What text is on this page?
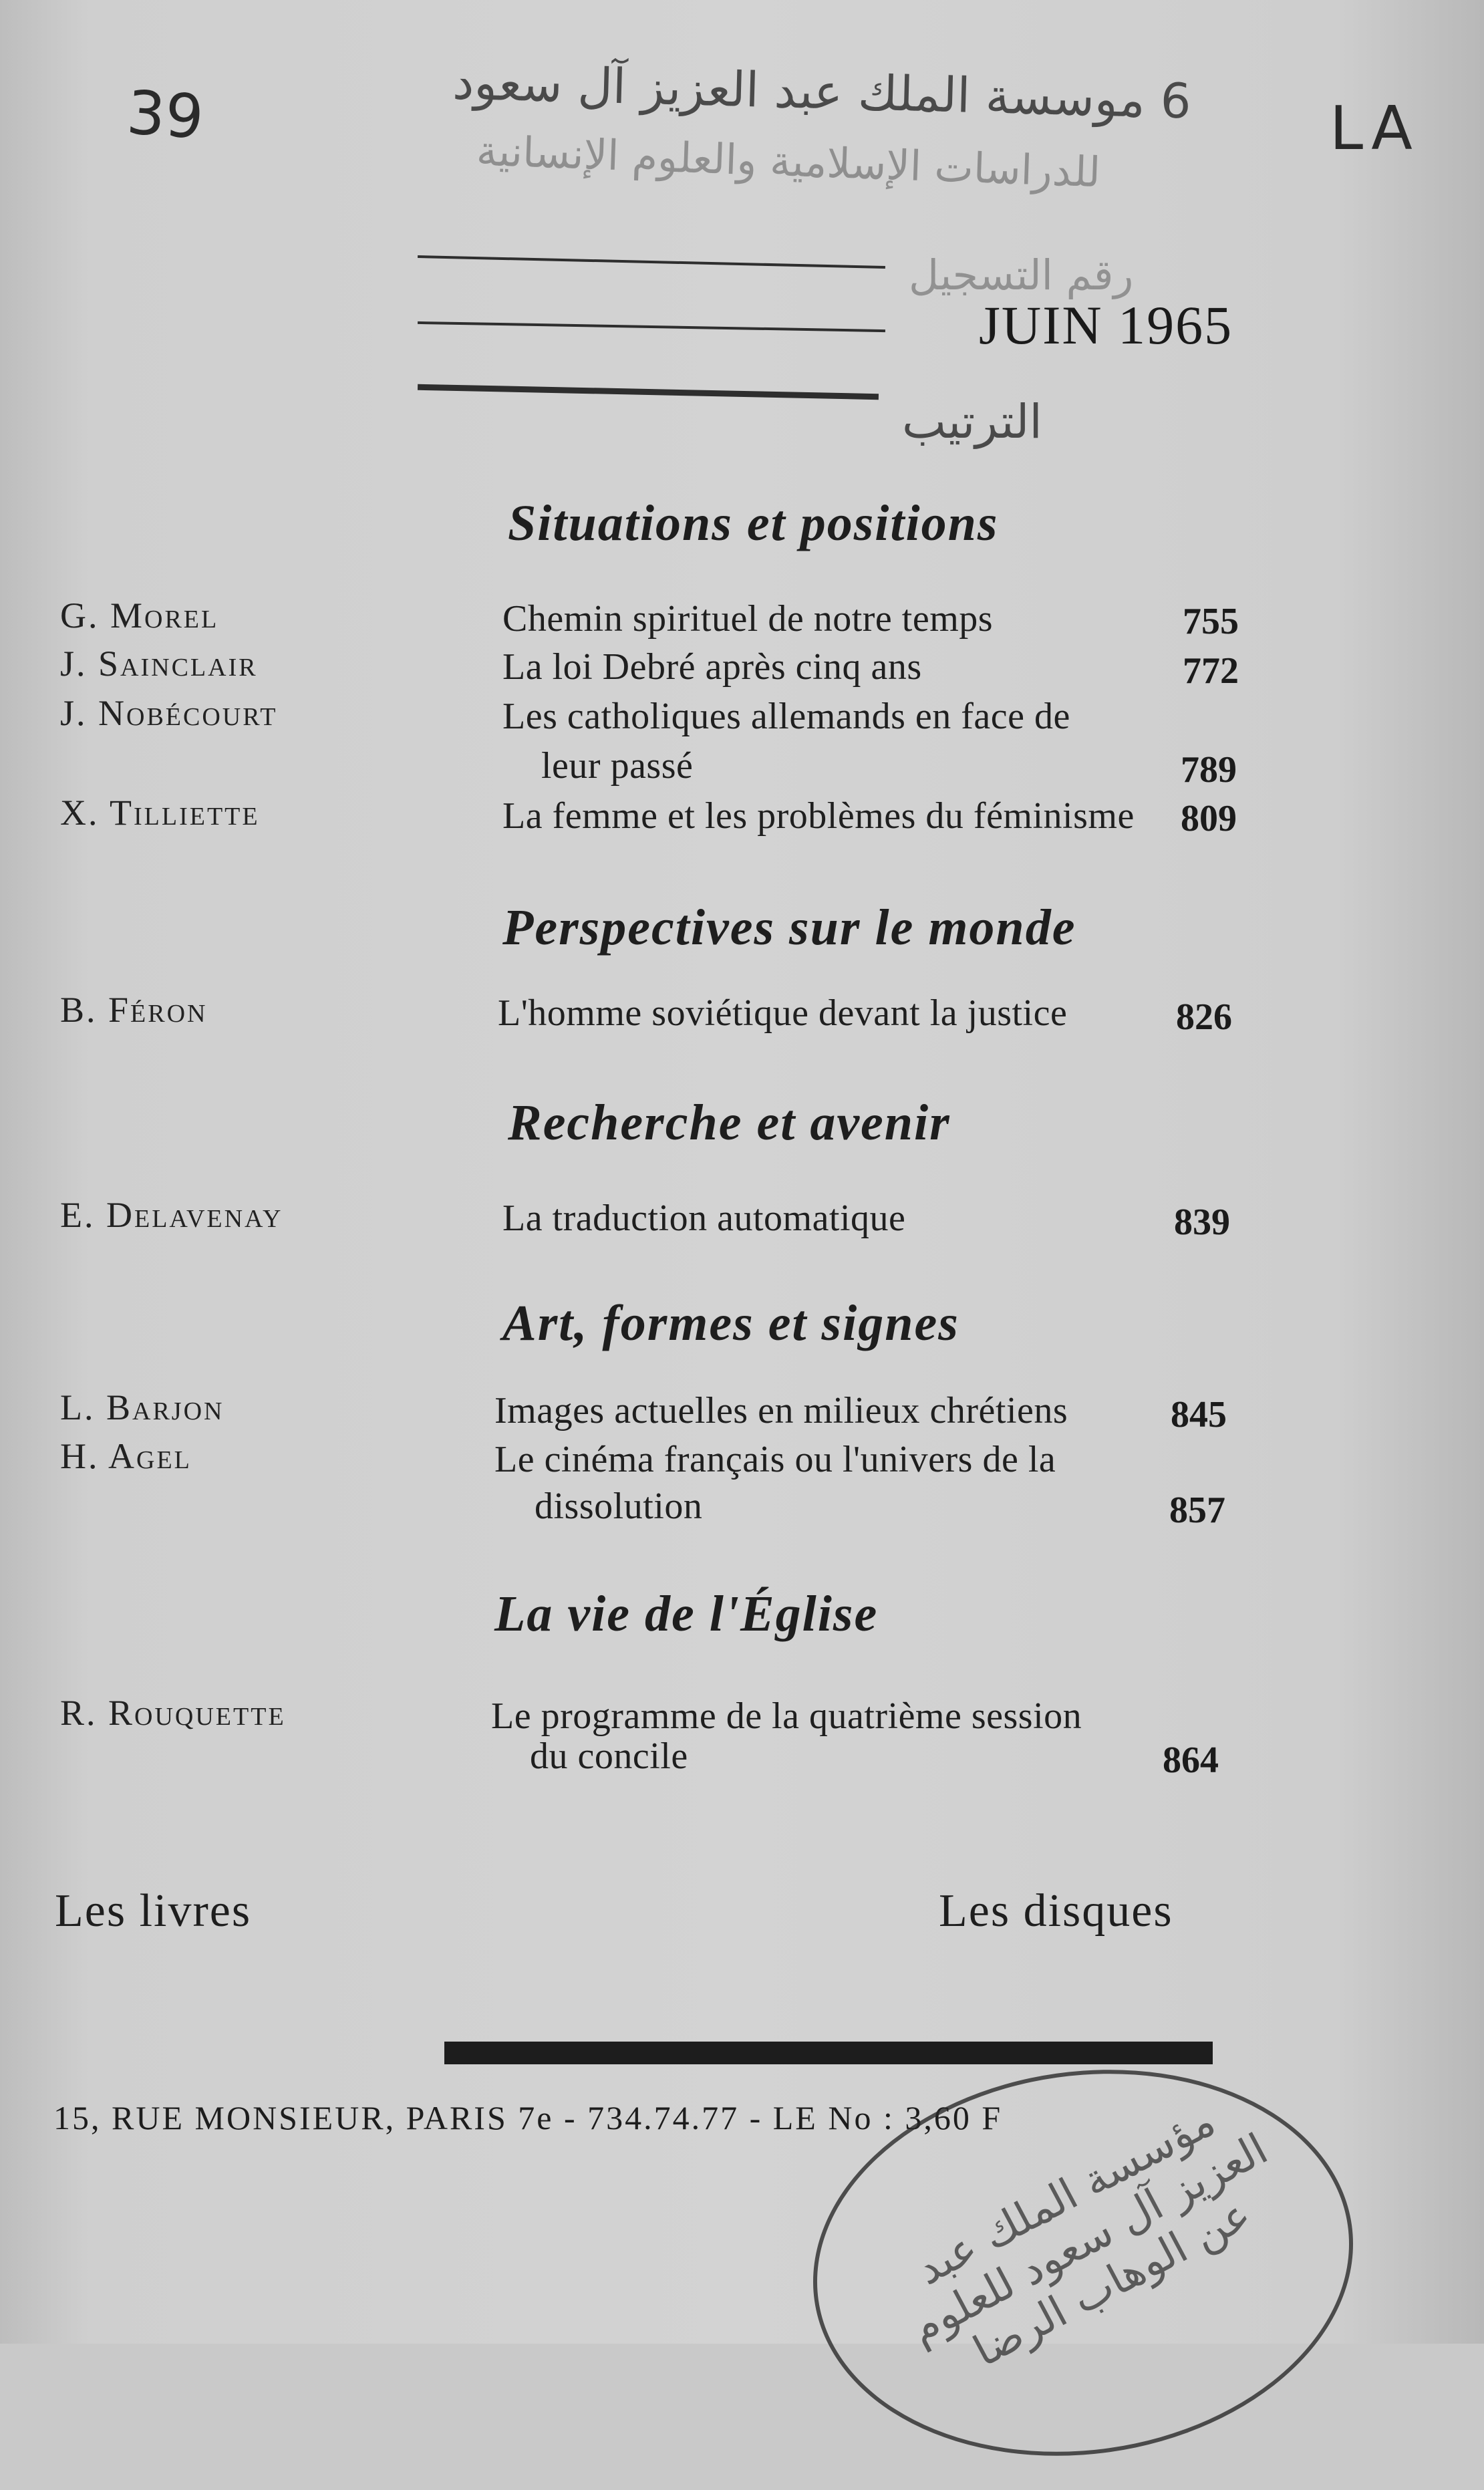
39	LA
6 موسسة الملك عبد العزيز آل سعود
للدراسات الإسلامية والعلوم الإنسانية
رقم التسجيل
الترتيب
JUIN 1965
Situations et positions
G. Morel	Chemin spirituel de notre temps	755
J. Sainclair	La loi Debré après cinq ans	772
J. Nobécourt	Les catholiques allemands en face de
leur passé	789
X. Tilliette	La femme et les problèmes du féminisme 809
Perspectives sur le monde
B. Féron	L'homme soviétique devant la justice	826
Recherche et avenir
E. Delavenay	La traduction automatique	839
Art, formes et signes
L. Barjon	Images actuelles en milieux chrétiens	845
H. Agel	Le cinéma français ou l'univers de la
dissolution	857
La vie de l'Église
R. Rouquette	Le programme de la quatrième session
du concile	864
Les livres	Les disques
15, RUE MONSIEUR, PARIS 7e - 734.74.77 - LE No : 3,60 F
مؤسسة الملك عبد العزيز آل سعود للعلوم عن الوهاب الرضا
